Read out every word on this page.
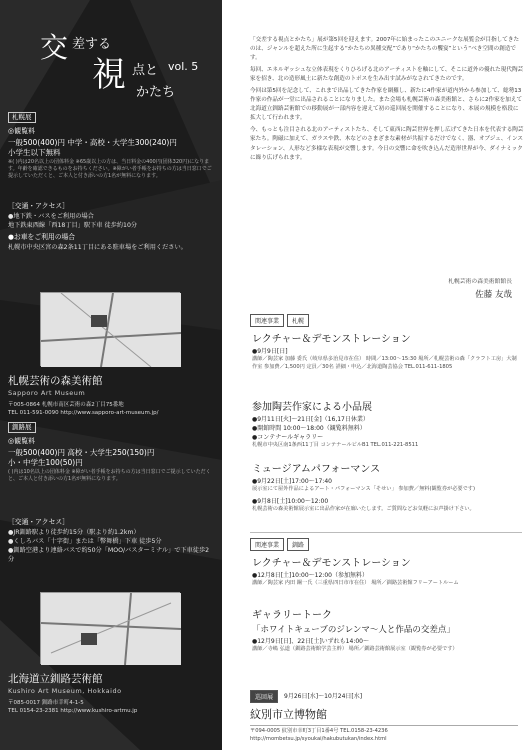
交 差する
視 点と
かたち
vol. 5
札幌展
◎観覧料
一般500(400)円 中学・高校・大学生300(240)円
小学生以下無料
※( )内は20名以上の団体料金 ※65歳以上の方は、当日料金の400円(団体320円)になります。年齢を確認できるものをお持ちください。※障がい者手帳をお持ちの方は当日窓口でご提示していただくと、ご本人と付き添いの方1名が無料になります。
［交通・アクセス］
●地下鉄・バスをご利用の場合
地下鉄東西線「西18丁目」駅下車 徒歩約10分
●お車をご利用の場合
札幌市中央区宮の森2条11丁目にある駐車場をご利用ください。
札幌芸術の森美術館
Sapporo Art Museum
〒005-0864 札幌市南区芸術の森2丁目75番地
TEL 011-591-0090 http://www.sapporo-art-museum.jp/
釧路展
◎観覧料
一般500(400)円 高校・大学生250(150)円
小・中学生100(50)円
( )内は10名以上の団体料金 ※障がい者手帳をお持ちの方は当日窓口でご提示していただくと、ご本人と付き添いの方1名が無料になります。
［交通・アクセス］
●JR釧路駅より徒歩約15分（駅より約1.2km）
●くしろバス「十字街」または「幣舞橋」下車 徒歩5分
●釧路空港より連絡バスで約50分「MOO/バスターミナル」で下車徒歩2分
北海道立釧路芸術館
Kushiro Art Museum, Hokkaido
〒085-0017 釧路市幸町4-1-5
TEL 0154-23-2381 http://www.kushiro-artmu.jp

「交差する視点とかたち」展が第5回を迎えます。2007年に始まったこのユニークな展覧会が目指してきたのは、ジャンルを超えた所に生起する“かたちの異種交配”であり“かたちの饗宴”という“べき空間の創造です。

毎回、エネルギッシュな立体表現をくりひろげる北のアーティストを軸にして、そこに道外の優れた現代陶芸家を招き、北の造形風土に新たな創造のトポスを生み出す試みがなされてきたのです。

今回は第5回を記念して、これまで出品してきた作家を網羅し、新たに4作家が道内外から参加して、総勢13作家の作品が一堂に出品されることになりました。また会場も札幌芸術の森美術館と、さらに2作家を加えて北海道立釧路芸術館での移動展が一部内容を違えて初の巡回展を開催することになり、本展の規模を格段に拡大して行われます。

今、もっとも注目される北のアーティストたち、そして東西に陶芸世界を押し広げてきた日本を代表する陶芸家たち。陶磁に加えて、ガラスや鉄、木などのさまざまな素材が共振するだけでなく、器、オブジェ、インスタレーション、人形など多様な表現が交響します。今日の交響に命を吹き込んだ造形世界が今、ダイナミックに繰り広げられます。

札幌芸術の森美術館館長
佐藤 友哉
関連事業	札幌
レクチャー＆デモンストレーション
●9月9日[日]
講師／陶芸家 加藤 委氏（岐阜県多治見市在住） 時間／13:00〜15:30 場所／札幌芸術の森「クラフト工房」大制作室 参加費／1,500円 定員／30名 詳細・申込／北海道陶芸協会 TEL.011-611-1805
参加陶芸作家による小品展
●9月11日[火]〜21日[金]（16,17日休業）
●開館時間 10:00〜18:00（観覧料無料）
●コンテナールギャラリー
札幌市中央区南1条西11丁目 コンテナールビルB1 TEL.011-221-8511
ミュージアムパフォーマンス
●9月22日[土]17:00〜17:40
展示室にて屋外作品によるアート・パフォーマンス「そせい」 参加費／無料(観覧券が必要です)
●9月8日[土]10:00〜12:00
札幌芸術の森美術館展示室に出品作家が在廊いたします。ご質問などお気軽にお声掛け下さい。
関連事業	釧路
レクチャー＆デモンストレーション
●12月8日[土]10:00〜12:00（参加無料）
講師／陶芸家 内田 鋼一氏（三重県四日市市在住） 場所／釧路芸術館フリーアートルーム
ギャラリートーク
「ホワイトキューブのジレンマ〜人と作品の交差点」
●12月9日[日]、22日[土]いずれも14:00〜
講師／寺嶋 弘道（釧路芸術館学芸主幹） 場所／釧路芸術館展示室（観覧券が必要です）
巡回展	9月26日[水]〜10月24日[水]
紋別市立博物館
〒094-0005 紋別市幸町3丁目1番4号 TEL.0158-23-4236
http://mombetsu.jp/syoukai/hakubutukan/index.html
